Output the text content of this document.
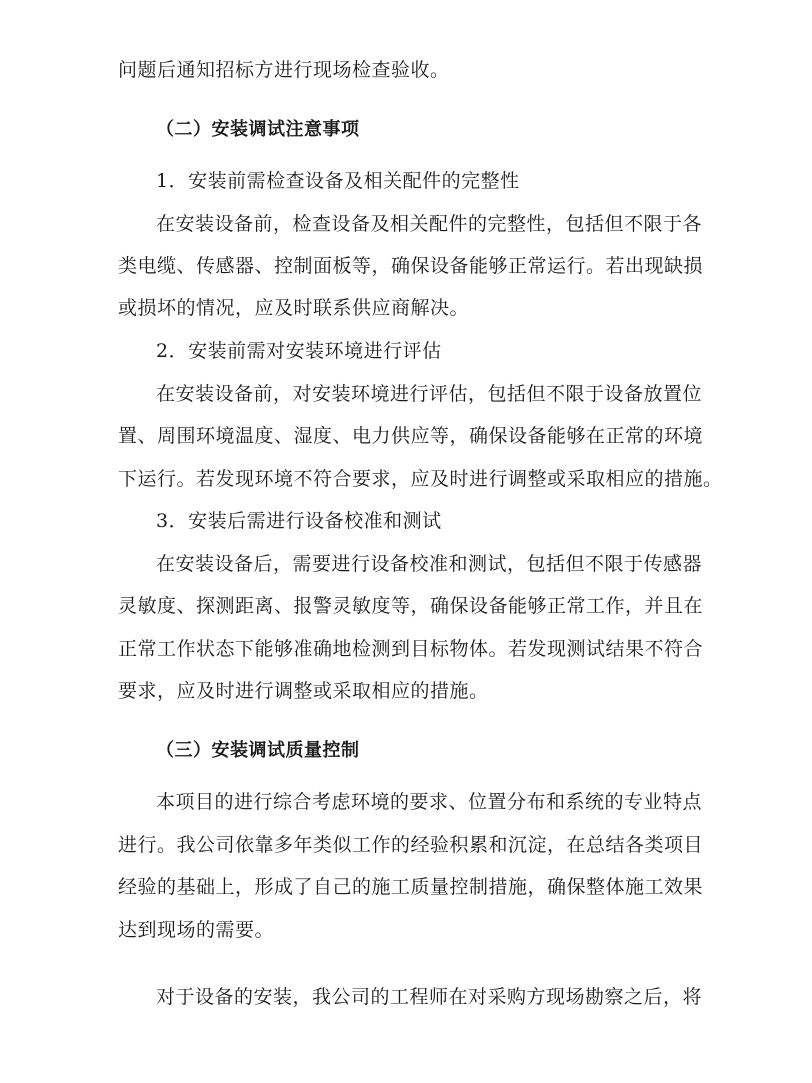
问题后通知招标方进行现场检查验收。
（二）安装调试注意事项
1．安装前需检查设备及相关配件的完整性
在安装设备前，检查设备及相关配件的完整性，包括但不限于各
类电缆、传感器、控制面板等，确保设备能够正常运行。若出现缺损
或损坏的情况，应及时联系供应商解决。
2．安装前需对安装环境进行评估
在安装设备前，对安装环境进行评估，包括但不限于设备放置位
置、周围环境温度、湿度、电力供应等，确保设备能够在正常的环境
下运行。若发现环境不符合要求，应及时进行调整或采取相应的措施。
3．安装后需进行设备校准和测试
在安装设备后，需要进行设备校准和测试，包括但不限于传感器
灵敏度、探测距离、报警灵敏度等，确保设备能够正常工作，并且在
正常工作状态下能够准确地检测到目标物体。若发现测试结果不符合
要求，应及时进行调整或采取相应的措施。
（三）安装调试质量控制
本项目的进行综合考虑环境的要求、位置分布和系统的专业特点
进行。我公司依靠多年类似工作的经验积累和沉淀，在总结各类项目
经验的基础上，形成了自己的施工质量控制措施，确保整体施工效果
达到现场的需要。
对于设备的安装，我公司的工程师在对采购方现场勘察之后，将
